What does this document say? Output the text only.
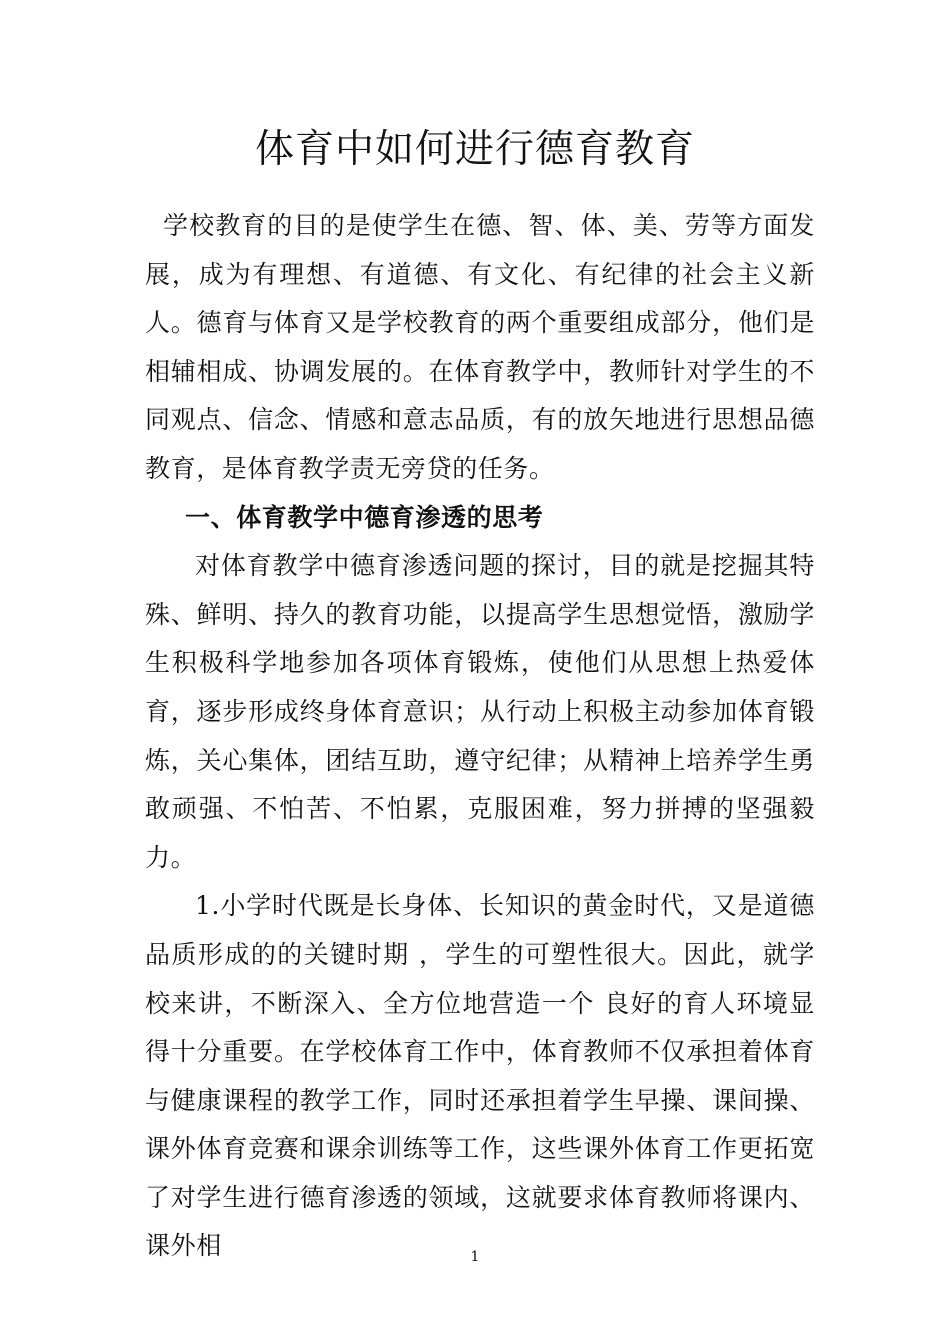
体育中如何进行德育教育

学校教育的目的是使学生在德、智、体、美、劳等方面发展，成为有理想、有道德、有文化、有纪律的社会主义新人。德育与体育又是学校教育的两个重要组成部分，他们是相辅相成、协调发展的。在体育教学中，教师针对学生的不同观点、信念、情感和意志品质，有的放矢地进行思想品德教育，是体育教学责无旁贷的任务。

一、体育教学中德育渗透的思考

对体育教学中德育渗透问题的探讨，目的就是挖掘其特殊、鲜明、持久的教育功能，以提高学生思想觉悟，激励学生积极科学地参加各项体育锻炼，使他们从思想上热爱体育，逐步形成终身体育意识；从行动上积极主动参加体育锻炼，关心集体，团结互助，遵守纪律；从精神上培养学生勇敢顽强、不怕苦、不怕累，克服困难，努力拼搏的坚强毅力。

1.小学时代既是长身体、长知识的黄金时代，又是道德品质形成的的关键时期 ，学生的可塑性很大。因此，就学校来讲，不断深入、全方位地营造一个 良好的育人环境显得十分重要。在学校体育工作中，体育教师不仅承担着体育与健康课程的教学工作，同时还承担着学生早操、课间操、课外体育竞赛和课余训练等工作，这些课外体育工作更拓宽了对学生进行德育渗透的领域，这就要求体育教师将课内、课外相	1
